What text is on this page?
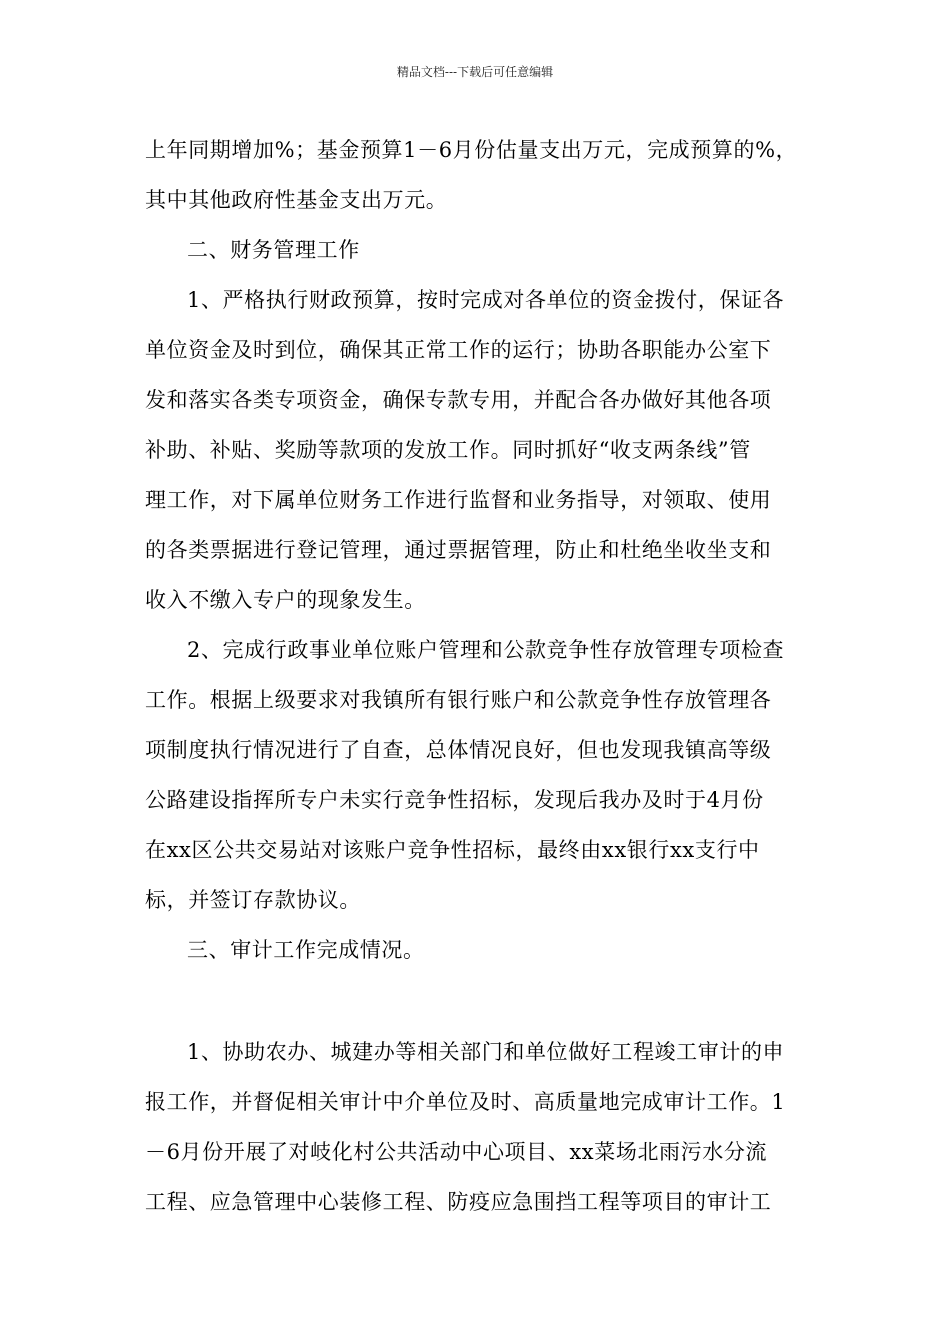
精品文档---下载后可任意编辑
上年同期增加%；基金预算1－6月份估量支出万元，完成预算的%，
其中其他政府性基金支出万元。
二、财务管理工作
1、严格执行财政预算，按时完成对各单位的资金拨付，保证各
单位资金及时到位，确保其正常工作的运行；协助各职能办公室下
发和落实各类专项资金，确保专款专用，并配合各办做好其他各项
补助、补贴、奖励等款项的发放工作。同时抓好“收支两条线”管
理工作，对下属单位财务工作进行监督和业务指导，对领取、使用
的各类票据进行登记管理，通过票据管理，防止和杜绝坐收坐支和
收入不缴入专户的现象发生。
2、完成行政事业单位账户管理和公款竞争性存放管理专项检查
工作。根据上级要求对我镇所有银行账户和公款竞争性存放管理各
项制度执行情况进行了自查，总体情况良好，但也发现我镇高等级
公路建设指挥所专户未实行竞争性招标，发现后我办及时于4月份
在xx区公共交易站对该账户竞争性招标，最终由xx银行xx支行中
标，并签订存款协议。
三、审计工作完成情况。
1、协助农办、城建办等相关部门和单位做好工程竣工审计的申
报工作，并督促相关审计中介单位及时、高质量地完成审计工作。1
－6月份开展了对岐化村公共活动中心项目、xx菜场北雨污水分流
工程、应急管理中心装修工程、防疫应急围挡工程等项目的审计工
